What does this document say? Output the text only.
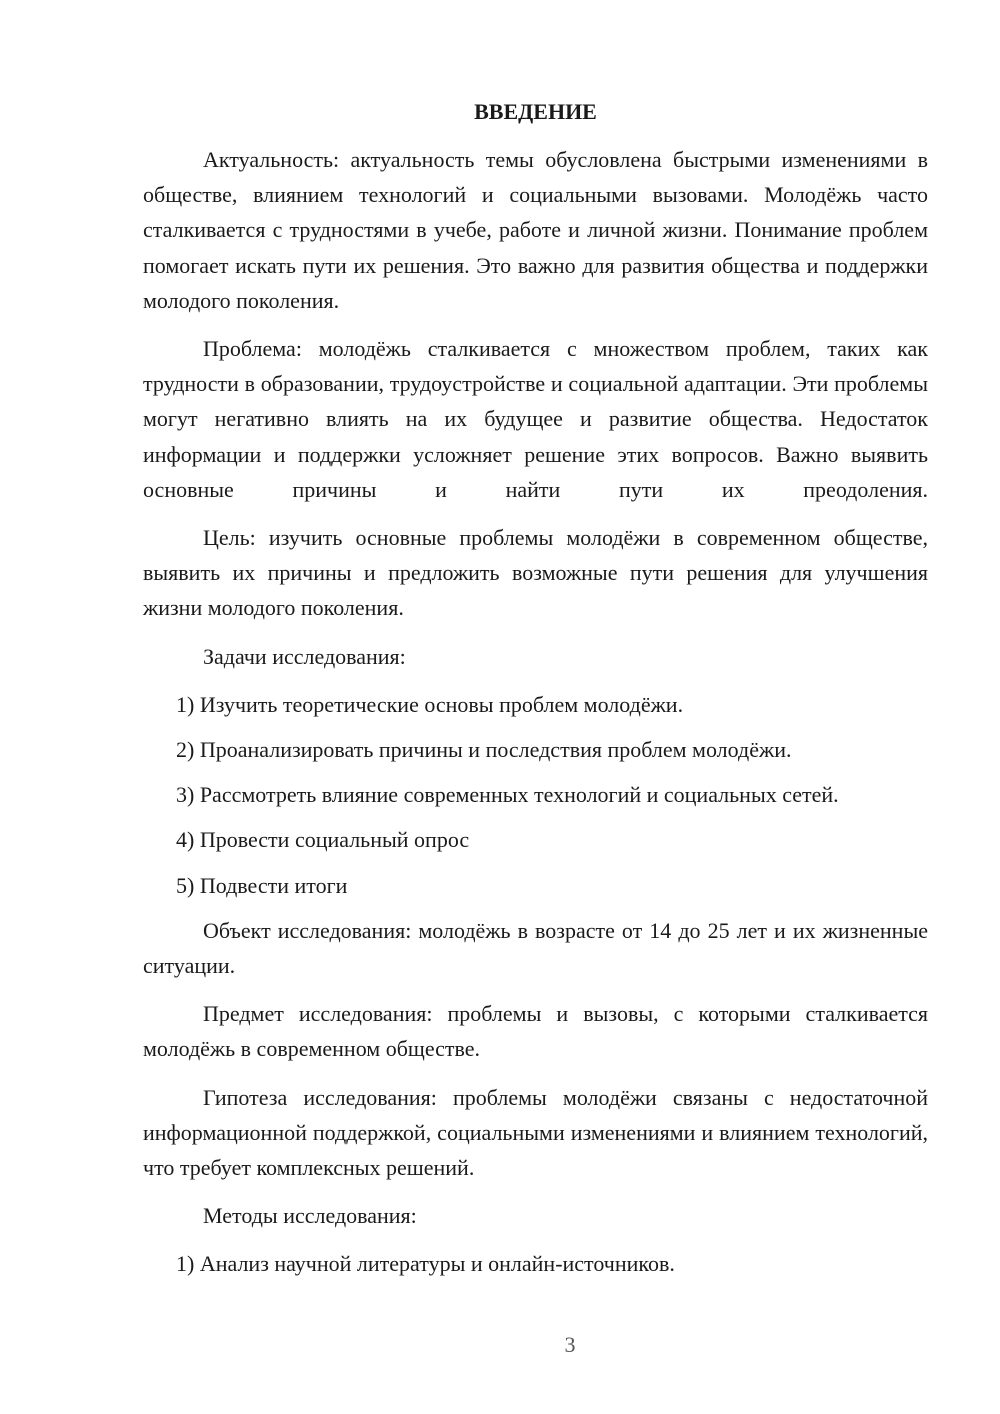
ВВЕДЕНИЕ

Актуальность: актуальность темы обусловлена быстрыми изменениями в обществе, влиянием технологий и социальными вызовами. Молодёжь часто сталкивается с трудностями в учебе, работе и личной жизни. Понимание проблем помогает искать пути их решения. Это важно для развития общества и поддержки молодого поколения.

Проблема: молодёжь сталкивается с множеством проблем, таких как трудности в образовании, трудоустройстве и социальной адаптации. Эти проблемы могут негативно влиять на их будущее и развитие общества. Недостаток информации и поддержки усложняет решение этих вопросов. Важно выявить основные причины и найти пути их преодоления.

Цель: изучить основные проблемы молодёжи в современном обществе, выявить их причины и предложить возможные пути решения для улучшения жизни молодого поколения.

Задачи исследования:

1) Изучить теоретические основы проблем молодёжи.
2) Проанализировать причины и последствия проблем молодёжи.
3) Рассмотреть влияние современных технологий и социальных сетей.
4) Провести социальный опрос
5) Подвести итоги

Объект исследования: молодёжь в возрасте от 14 до 25 лет и их жизненные ситуации.

Предмет исследования: проблемы и вызовы, с которыми сталкивается молодёжь в современном обществе.

Гипотеза исследования: проблемы молодёжи связаны с недостаточной информационной поддержкой, социальными изменениями и влиянием технологий, что требует комплексных решений.

Методы исследования:

1) Анализ научной литературы и онлайн-источников.
3
